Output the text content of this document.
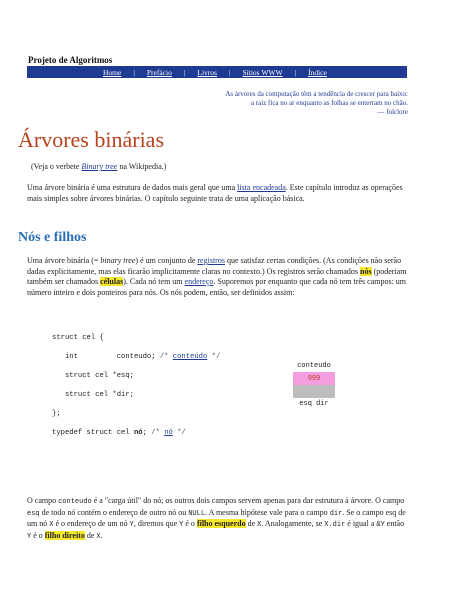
Projeto de Algoritmos
Home | Prefácio | Livros | Sítios WWW | Índice
As árvores da computação têm a tendência de crescer para baixo:
a raiz fica no ar enquanto as folhas se enterram no chão.
— folclore
Árvores binárias
(Veja o verbete Binary tree na Wikipedia.)
Uma árvore binária é uma estrutura de dados mais geral que uma lista encadeada. Este capítulo introduz as operações mais simples sobre árvores binárias. O capítulo seguinte trata de uma aplicação básica.
Nós e filhos
Uma árvore binária (= binary tree) é um conjunto de registros que satisfaz certas condições. (As condições não serão dadas explicitamente, mas elas ficarão implicitamente claras no contexto.) Os registros serão chamados nós (poderiam também ser chamados células). Cada nó tem um endereço. Suporemos por enquanto que cada nó tem três campos: um número inteiro e dois ponteiros para nós. Os nós podem, então, ser definidos assim:
struct cel {
int         conteudo; /* conteúdo */
struct cel *esq;
struct cel *dir;
};
typedef struct cel nó; /* nó */
conteudo
999
esq dir
O campo conteudo é a "carga útil" do nó; os outros dois campos servem apenas para dar estrutura à árvore. O campo esq de todo nó contém o endereço de outro nó ou NULL. A mesma hipótese vale para o campo dir. Se o campo esq de um nó X é o endereço de um nó Y, diremos que Y é o filho esquerdo de X. Analogamente, se X.dir é igual a &Y então Y é o filho direito de X.
